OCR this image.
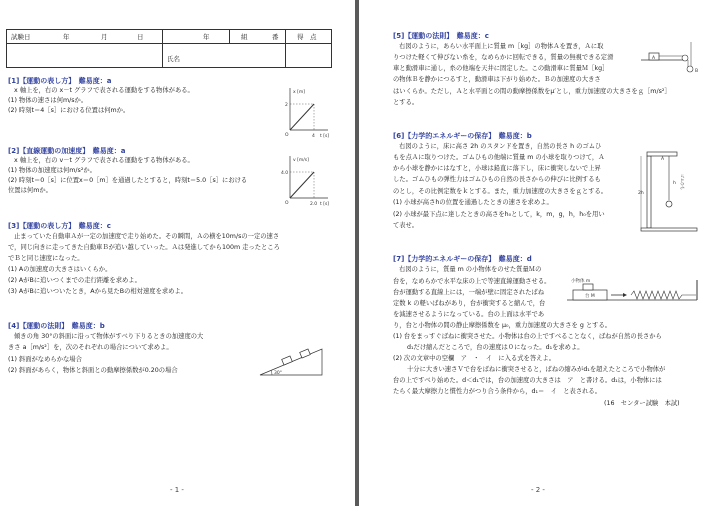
試験日	年	月	日	年	組	番	得　点
氏名
[1]【運動の表し方】　難易度：a
x 軸上を，右の x－t グラフで表される運動をする物体がある。
(1) 物体の速さは何m/sか。
(2) 時刻t＝4［s］における位置は何mか。
x [m]
t [s]
2
4
O
[2]【直線運動の加速度】　難易度：a
x 軸上を，右の v－t グラフで表される運動をする物体がある。
(1) 物体の加速度は何m/s²か。
(2) 時刻t＝0［s］に位置x＝0［m］を通過したとすると，時刻t＝5.0［s］における
位置は何mか。
v [m/s]
t [s]
4.0
2.0
O
[3]【運動の表し方】　難易度：c
止まっていた自動車Ａが一定の加速度で走り始めた。その瞬間，Ａの横を10m/sの一定の速さ
で，同じ向きに走ってきた自動車Ｂが追い越していった。Ａは発進してから100m 走ったところ
でＢと同じ速度になった。
(1) Aの加速度の大きさはいくらか。
(2) AがBに追いつくまでの走行距離を求めよ。
(3) AがBに追いついたとき，Aから見たBの相対速度を求めよ。
[4]【運動の法則】　難易度：b
傾きの角 30°の斜面に沿って物体がすべり下りるときの加速度の大
きさ a［m/s²］を，次のそれぞれの場合について求めよ。
(1) 斜面がなめらかな場合
(2) 斜面があらく，物体と斜面との動摩擦係数が0.20の場合	30°
- 1 -
[5]【運動の法則】　難易度：c
右図のように，あらい水平面上に質量 m［kg］の物体Ａを置き，Ａに取
りつけた軽くて伸びない糸を，なめらかに回転できる，質量の無視できる定滑
車と動滑車に通し，糸の他端を天井に固定した。この動滑車に質量Ｍ［kg］
の物体Ｂを静かにつるすと，動滑車は下がり始めた。Ｂの加速度の大きさ
はいくらか。ただし，Ａと水平面との間の動摩擦係数をμ′とし，重力加速度の大きさをｇ［m/s²］
とする。
A
B
[6]【力学的エネルギーの保存】　難易度：b
右図のように，床に高さ 2h のスタンドを置き，自然の長さ h のゴムひ
もを点Ａに取りつけた。ゴムひもの他端に質量 m の小球を取りつけて，Ａ
から小球を静かにはなすと，小球は鉛直に落下し，床に衝突しないで上昇
した。ゴムひもの弾性力はゴムひもの自然の長さからの伸びに比例するも
のとし，その比例定数をｋとする。また，重力加速度の大きさをｇとする。
(1) 小球が高さhの位置を通過したときの速さを求めよ。
(2) 小球が最下点に達したときの高さをh₀として，k，m，g，h，h₀を用い
て表せ。
2h
A
h ゴムひも
[7]【力学的エネルギーの保存】　難易度：d
右図のように，質量 m の小物体をのせた質量Ｍの
台を，なめらかで水平な床の上で等速直線運動させる。
台が運動する直線上には，一端が壁に固定されたばね
定数 k の軽いばねがあり，台が衝突すると縮んで，台
を減速させるようになっている。台の上面は水平であ
り，台と小物体の間の静止摩擦係数を μ₀，重力加速度の大きさを g とする。
(1) 台をまっすぐばねに衝突させた。小物体は台の上ですべることなく，ばねが自然の長さから
d₁だけ縮んだところで，台の速度は０になった。d₁を求めよ。
(2) 次の文章中の空欄　ア　・　イ　に入る式を答えよ。
十分に大きい速さＶで台をばねに衝突させると，ばねの縮みがd₁を超えたところで小物体が
台の上ですべり始めた。d＜d₁では，台の加速度の大きさは　ア　と書ける。d₁は，小物体には
たらく最大摩擦力と慣性力がつり合う条件から，d₁＝　イ　と表される。
(16　センター試験　本試)
小物体 m
台 M
- 2 -
